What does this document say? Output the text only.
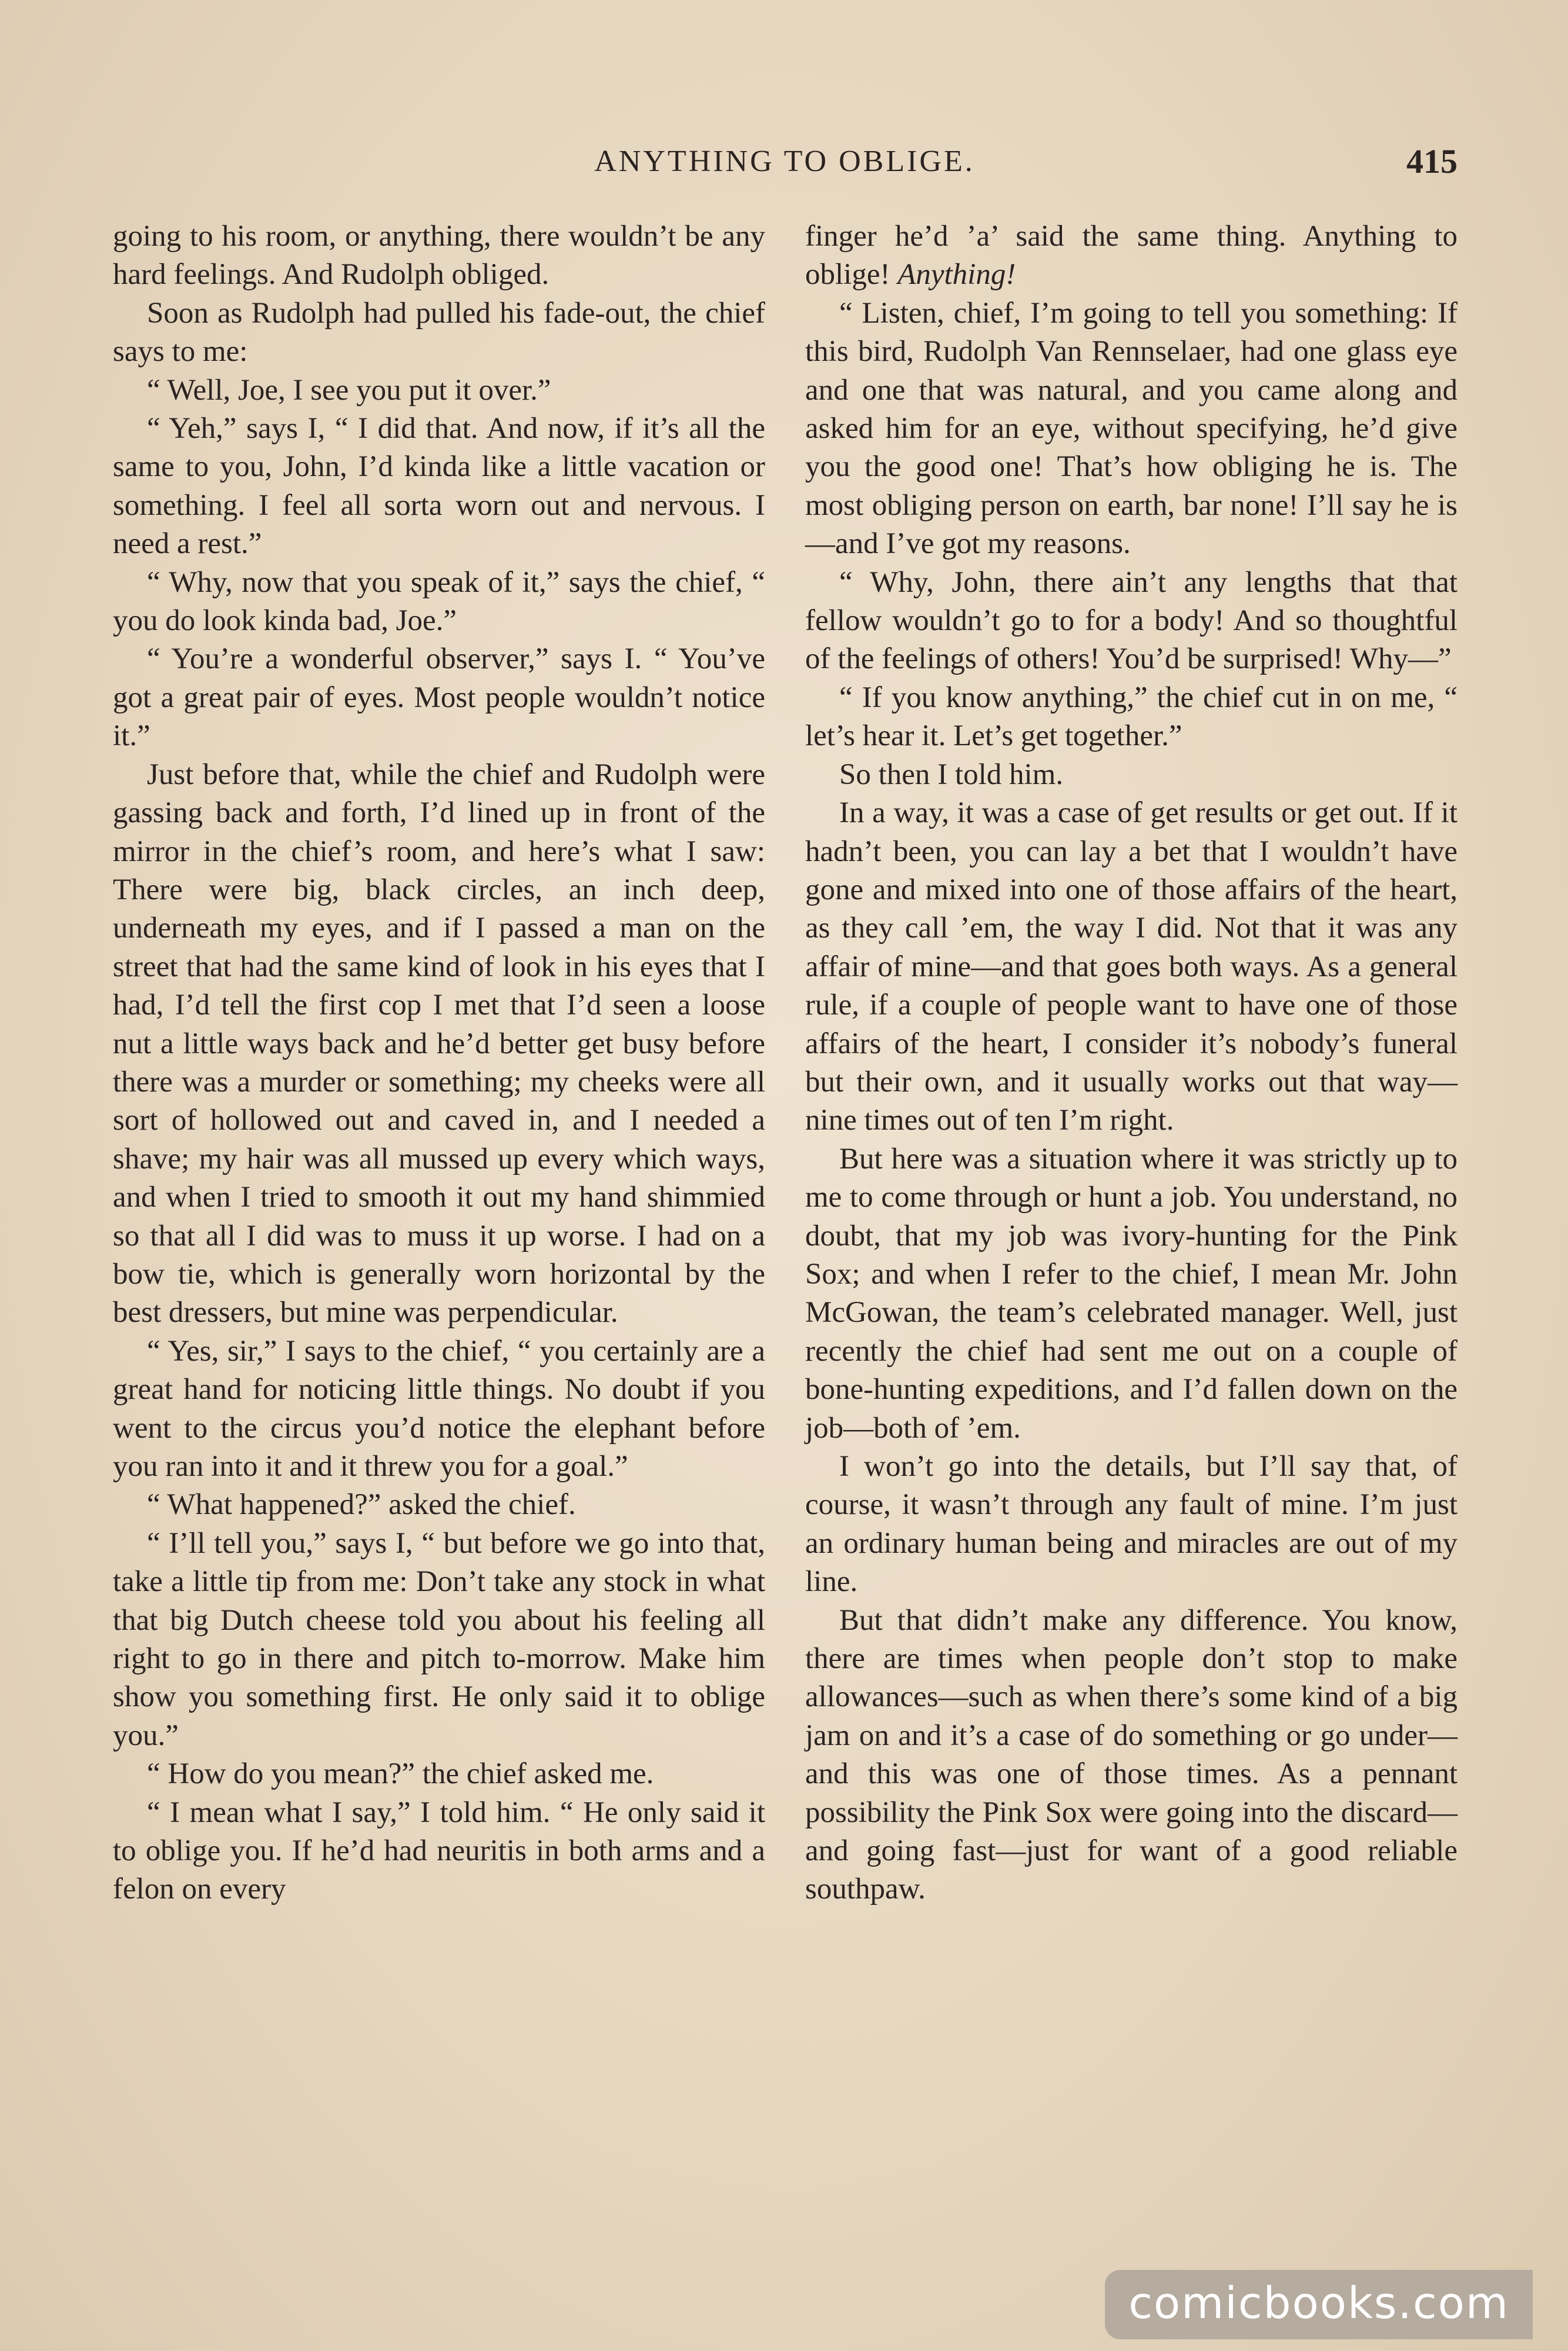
ANYTHING TO OBLIGE.	415

going to his room, or anything, there wouldn’t be any hard feelings. And Rudolph obliged.

Soon as Rudolph had pulled his fade-out, the chief says to me:

“ Well, Joe, I see you put it over.”

“ Yeh,” says I, “ I did that. And now, if it’s all the same to you, John, I’d kinda like a little vacation or something. I feel all sorta worn out and nervous. I need a rest.”

“ Why, now that you speak of it,” says the chief, “ you do look kinda bad, Joe.”

“ You’re a wonderful observer,” says I. “ You’ve got a great pair of eyes. Most people wouldn’t notice it.”

Just before that, while the chief and Rudolph were gassing back and forth, I’d lined up in front of the mirror in the chief’s room, and here’s what I saw: There were big, black circles, an inch deep, underneath my eyes, and if I passed a man on the street that had the same kind of look in his eyes that I had, I’d tell the first cop I met that I’d seen a loose nut a little ways back and he’d better get busy before there was a murder or something; my cheeks were all sort of hollowed out and caved in, and I needed a shave; my hair was all mussed up every which ways, and when I tried to smooth it out my hand shimmied so that all I did was to muss it up worse. I had on a bow tie, which is generally worn horizontal by the best dressers, but mine was perpendicular.

“ Yes, sir,” I says to the chief, “ you certainly are a great hand for noticing little things. No doubt if you went to the circus you’d notice the elephant before you ran into it and it threw you for a goal.”

“ What happened?” asked the chief.

“ I’ll tell you,” says I, “ but before we go into that, take a little tip from me: Don’t take any stock in what that big Dutch cheese told you about his feeling all right to go in there and pitch to-morrow. Make him show you something first. He only said it to oblige you.”

“ How do you mean?” the chief asked me.

“ I mean what I say,” I told him. “ He only said it to oblige you. If he’d had neuritis in both arms and a felon on every

finger he’d ’a’ said the same thing. Anything to oblige! Anything!

“ Listen, chief, I’m going to tell you something: If this bird, Rudolph Van Rennselaer, had one glass eye and one that was natural, and you came along and asked him for an eye, without specifying, he’d give you the good one! That’s how obliging he is. The most obliging person on earth, bar none! I’ll say he is—and I’ve got my reasons.

“ Why, John, there ain’t any lengths that that fellow wouldn’t go to for a body! And so thoughtful of the feelings of others! You’d be surprised! Why—”

“ If you know anything,” the chief cut in on me, “ let’s hear it. Let’s get together.”

So then I told him.

In a way, it was a case of get results or get out. If it hadn’t been, you can lay a bet that I wouldn’t have gone and mixed into one of those affairs of the heart, as they call ’em, the way I did. Not that it was any affair of mine—and that goes both ways. As a general rule, if a couple of people want to have one of those affairs of the heart, I consider it’s nobody’s funeral but their own, and it usually works out that way—nine times out of ten I’m right.

But here was a situation where it was strictly up to me to come through or hunt a job. You understand, no doubt, that my job was ivory-hunting for the Pink Sox; and when I refer to the chief, I mean Mr. John McGowan, the team’s celebrated manager. Well, just recently the chief had sent me out on a couple of bone-hunting expeditions, and I’d fallen down on the job—both of ’em.

I won’t go into the details, but I’ll say that, of course, it wasn’t through any fault of mine. I’m just an ordinary human being and miracles are out of my line.

But that didn’t make any difference. You know, there are times when people don’t stop to make allowances—such as when there’s some kind of a big jam on and it’s a case of do something or go under—and this was one of those times. As a pennant possibility the Pink Sox were going into the discard—and going fast—just for want of a good reliable southpaw.

comicbooks.com
